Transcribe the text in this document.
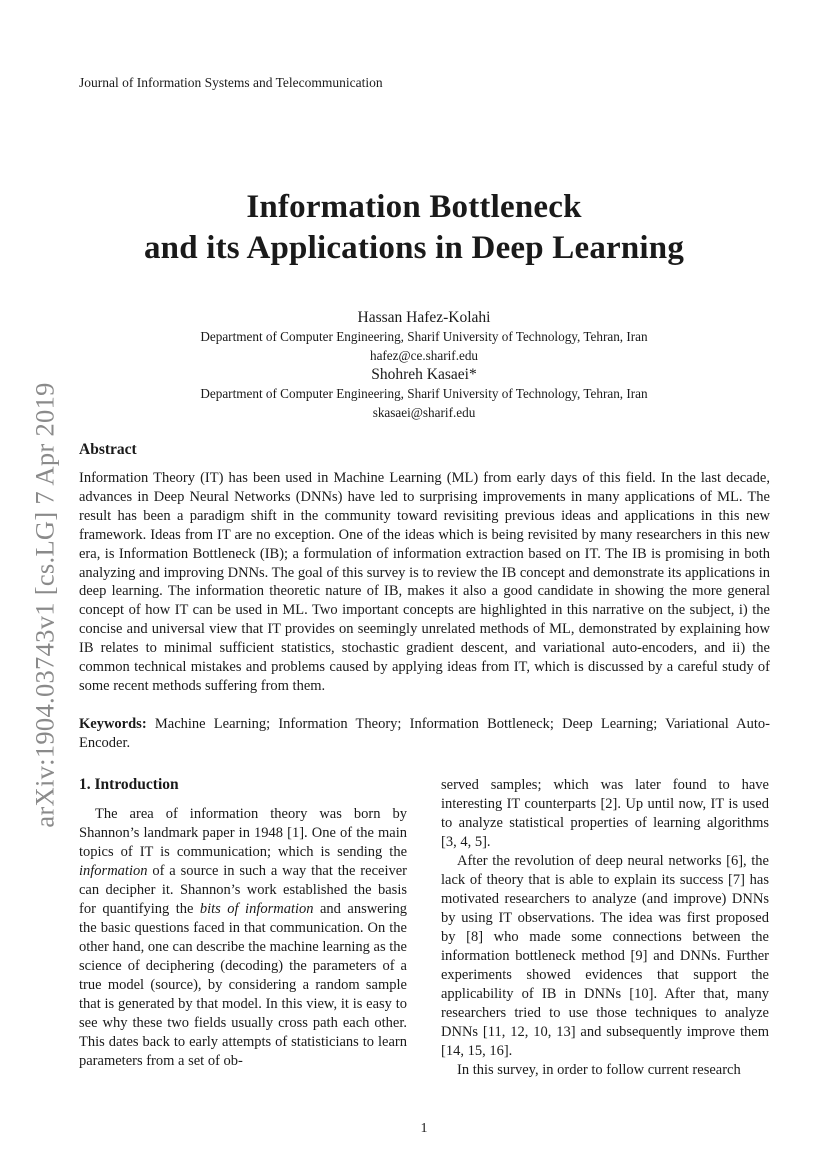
Journal of Information Systems and Telecommunication
Information Bottleneck
and its Applications in Deep Learning
Hassan Hafez-Kolahi
Department of Computer Engineering, Sharif University of Technology, Tehran, Iran
hafez@ce.sharif.edu
Shohreh Kasaei*
Department of Computer Engineering, Sharif University of Technology, Tehran, Iran
skasaei@sharif.edu
arXiv:1904.03743v1 [cs.LG] 7 Apr 2019 Abstract
Information Theory (IT) has been used in Machine Learning (ML) from early days of this field. In the last decade, advances in Deep Neural Networks (DNNs) have led to surprising improvements in many applications of ML. The result has been a paradigm shift in the community toward revisiting previous ideas and applications in this new framework. Ideas from IT are no exception. One of the ideas which is being revisited by many researchers in this new era, is Information Bottleneck (IB); a formulation of information extraction based on IT. The IB is promising in both analyzing and improving DNNs. The goal of this survey is to review the IB concept and demonstrate its applications in deep learning. The information theoretic nature of IB, makes it also a good candidate in showing the more general concept of how IT can be used in ML. Two important concepts are highlighted in this narrative on the subject, i) the concise and universal view that IT provides on seemingly unrelated methods of ML, demonstrated by explaining how IB relates to minimal sufficient statistics, stochastic gradient descent, and variational auto-encoders, and ii) the common technical mistakes and problems caused by applying ideas from IT, which is discussed by a careful study of some recent methods suffering from them.
Keywords: Machine Learning; Information Theory; Information Bottleneck; Deep Learning; Variational Auto-Encoder.
1. Introduction

The area of information theory was born by Shannon’s landmark paper in 1948 [1]. One of the main topics of IT is communication; which is sending the information of a source in such a way that the receiver can decipher it. Shannon’s work established the basis for quantifying the bits of information and answering the basic questions faced in that communication. On the other hand, one can describe the machine learning as the science of deciphering (decoding) the parameters of a true model (source), by considering a random sample that is generated by that model. In this view, it is easy to see why these two fields usually cross path each other. This dates back to early attempts of statisticians to learn parameters from a set of ob-

served samples; which was later found to have interesting IT counterparts [2]. Up until now, IT is used to analyze statistical properties of learning algorithms [3, 4, 5].

After the revolution of deep neural networks [6], the lack of theory that is able to explain its success [7] has motivated researchers to analyze (and improve) DNNs by using IT observations. The idea was first proposed by [8] who made some connections between the information bottleneck method [9] and DNNs. Further experiments showed evidences that support the applicability of IB in DNNs [10]. After that, many researchers tried to use those techniques to analyze DNNs [11, 12, 10, 13] and subsequently improve them [14, 15, 16].

In this survey, in order to follow current research

1
